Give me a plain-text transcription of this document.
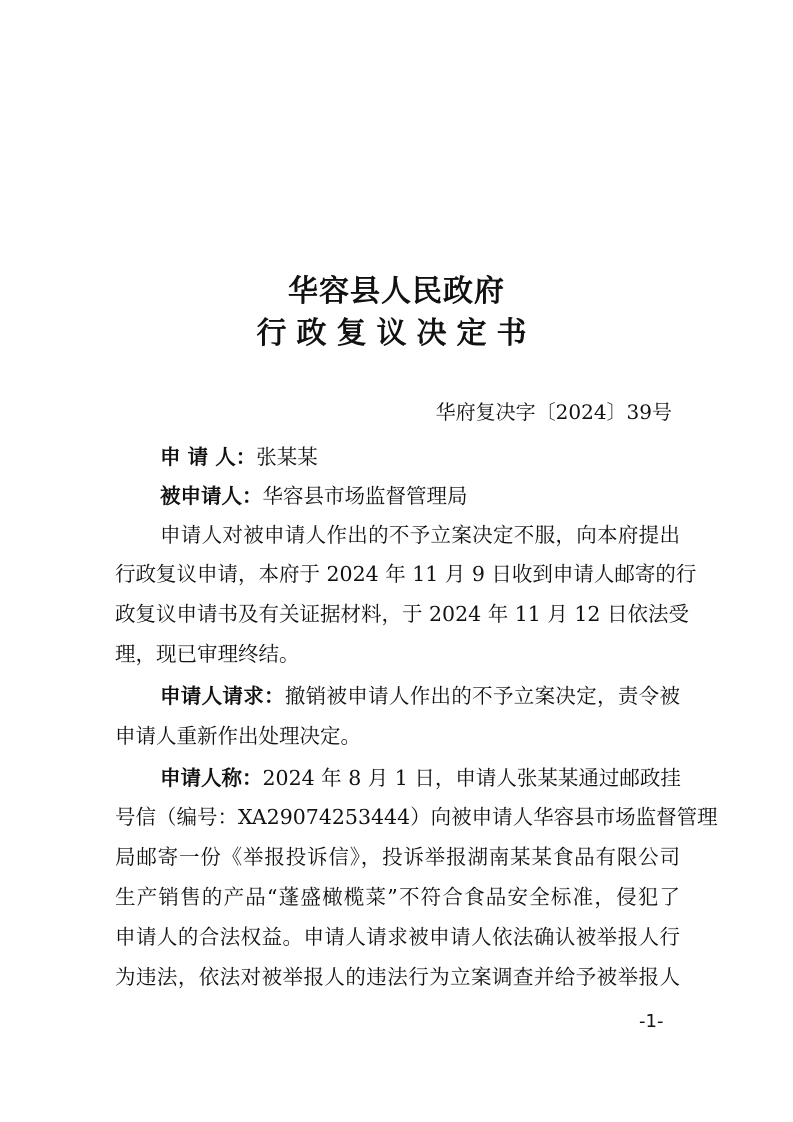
华容县人民政府
行政复议决定书
华府复决字〔2024〕39号
申 请 人：张某某
被申请人：华容县市场监督管理局
申请人对被申请人作出的不予立案决定不服，向本府提出
行政复议申请，本府于 2024 年 11 月 9 日收到申请人邮寄的行
政复议申请书及有关证据材料，于 2024 年 11 月 12 日依法受
理，现已审理终结。
申请人请求：撤销被申请人作出的不予立案决定，责令被
申请人重新作出处理决定。
申请人称：2024 年 8 月 1 日，申请人张某某通过邮政挂
号信（编号：XA29074253444）向被申请人华容县市场监督管理
局邮寄一份《举报投诉信》，投诉举报湖南某某食品有限公司
生产销售的产品“蓬盛橄榄菜”不符合食品安全标准，侵犯了
申请人的合法权益。申请人请求被申请人依法确认被举报人行
为违法，依法对被举报人的违法行为立案调查并给予被举报人
-1-
